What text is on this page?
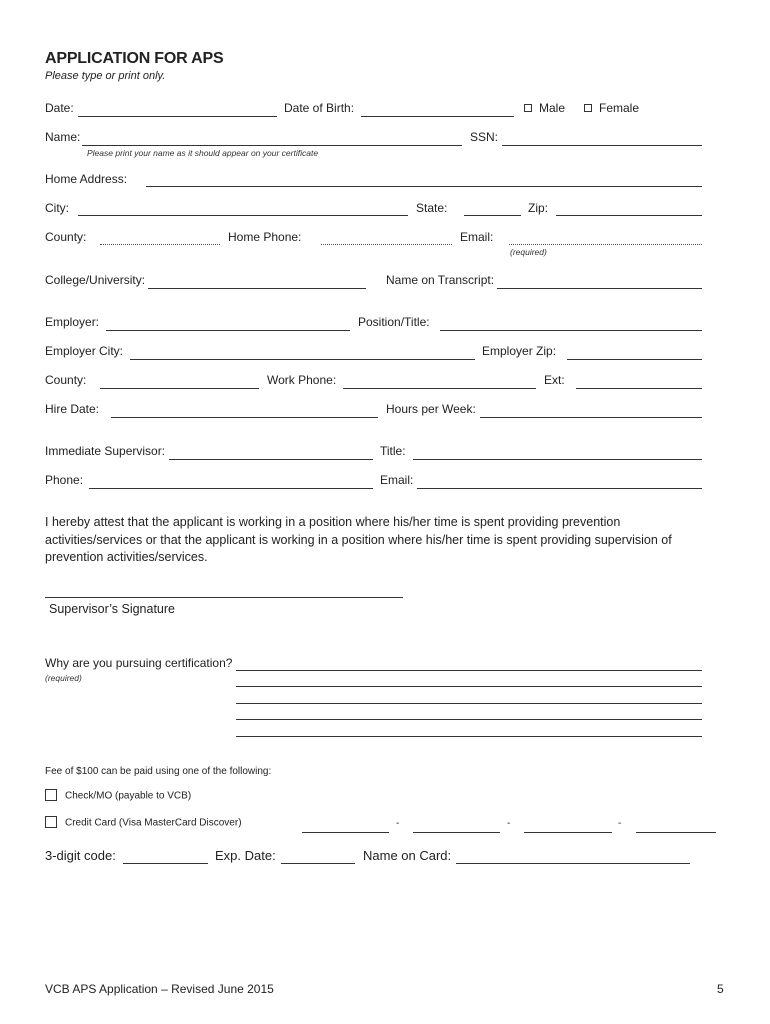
APPLICATION FOR APS
Please type or print only.
Date:	Date of Birth:	Male	Female
Name:
Please print your name as it should appear on your certificate
SSN:
Home Address:
City:	State:	Zip:
County:	Home Phone:	Email:
(required)
College/University:	Name on Transcript:
Employer:	Position/Title:
Employer City:	Employer Zip:
County:	Work Phone:	Ext:
Hire Date:	Hours per Week:
Immediate Supervisor:	Title:
Phone:	Email:
I hereby attest that the applicant is working in a position where his/her time is spent providing prevention activities/services or that the applicant is working in a position where his/her time is spent providing supervision of prevention activities/services.
Supervisor’s Signature
Why are you pursuing certification?
(required)
Fee of $100 can be paid using one of the following:
Check/MO (payable to VCB)
Credit Card (Visa MasterCard Discover)	-	-	-
3-digit code:	Exp. Date:	Name on Card:
VCB APS Application – Revised June 2015	5
